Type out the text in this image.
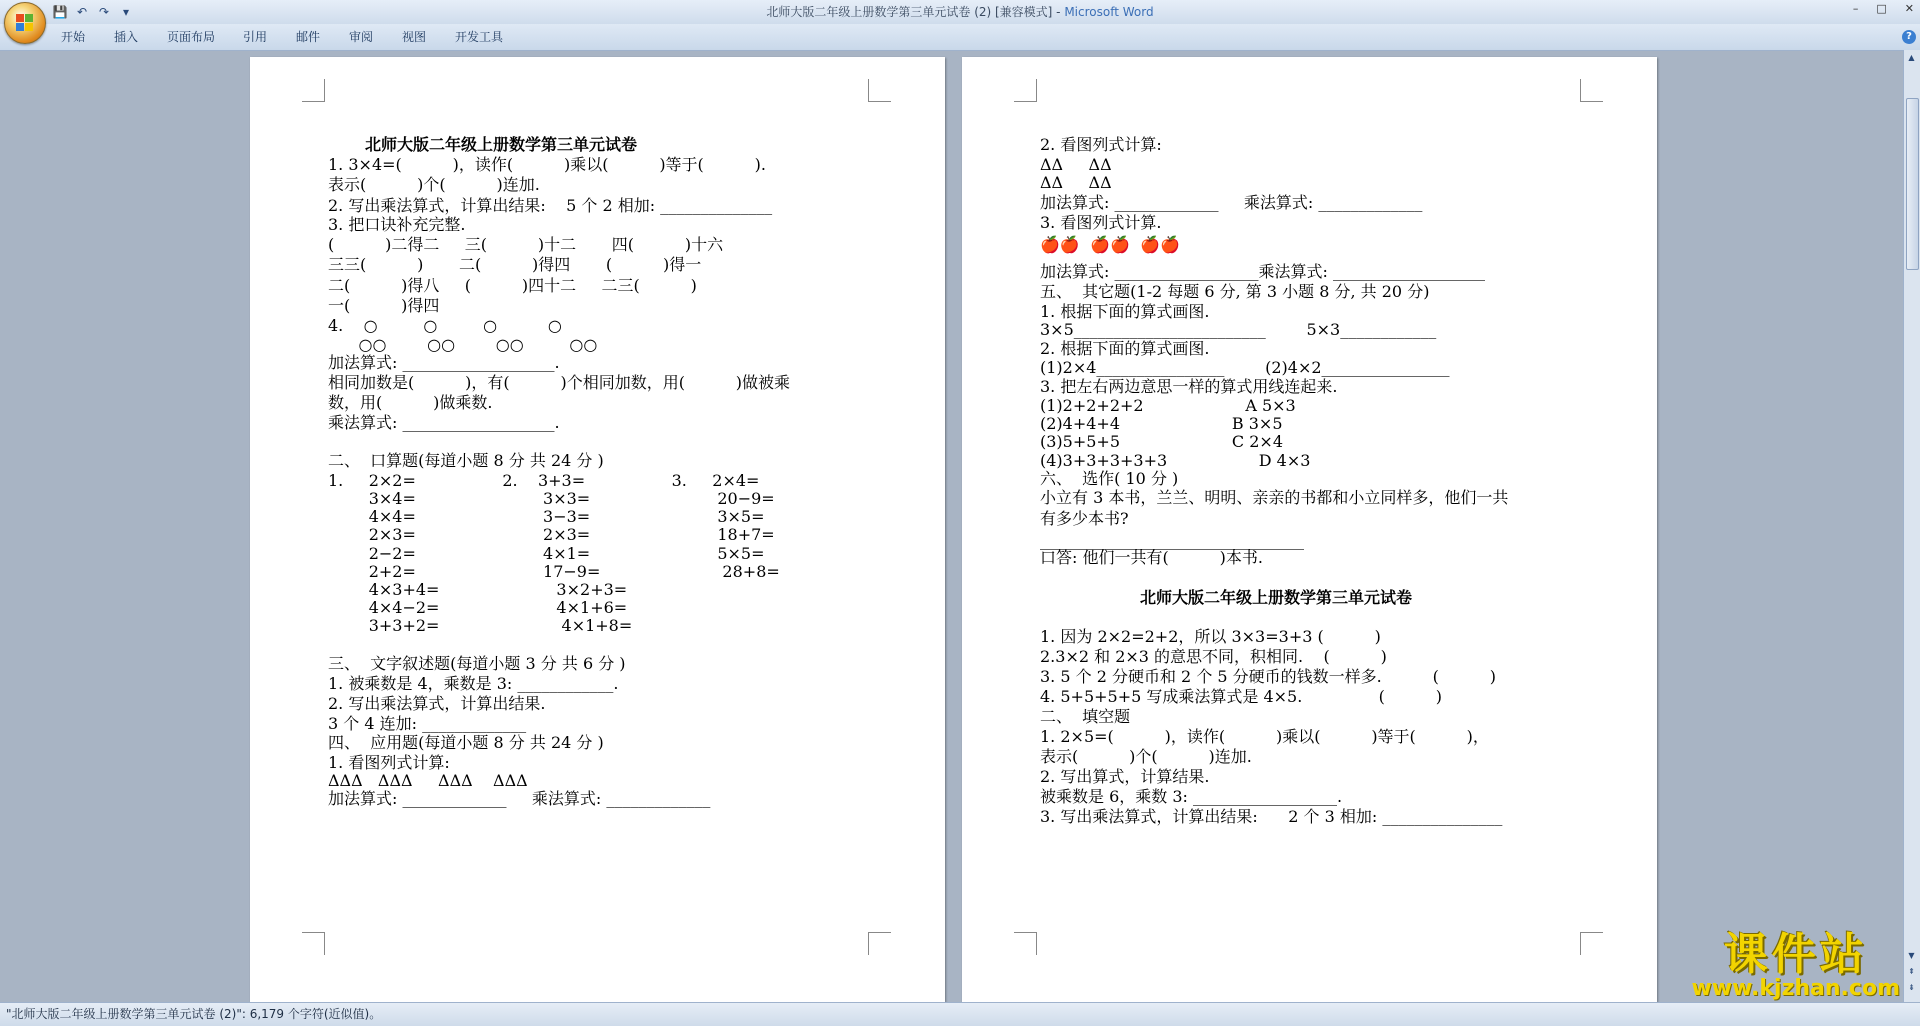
💾 ↶ ↷	▾	北师大版二年级上册数学第三单元试卷 (2) [兼容模式] - Microsoft Word	– □ ✕
开始 插入 页面布局 引用 邮件 审阅 视图 开发工具	?
▲
▼
⇞
⇟
北师大版二年级上册数学第三单元试卷
1. 3×4=(          )，读作(          )乘以(          )等于(          ).
表示(          )个(          )连加.
2. 写出乘法算式，计算出结果:    5 个 2 相加: ______________
3. 把口诀补充完整.
(          )二得二     三(          )十二       四(          )十六
三三(          )       二(          )得四       (          )得一
二(          )得八     (          )四十二     二三(          )
一(          )得四
4.    ○         ○         ○          ○
○○        ○○        ○○         ○○
加法算式: ___________________.
相同加数是(          )，有(          )个相同加数，用(          )做被乘
数，用(          )做乘数.
乘法算式: ___________________.
二、  口算题(每道小题 8 分 共 24 分 )
1.     2×2=                 2.    3+3=                 3.     2×4=
3×4=                         3×3=                         20−9=
4×4=                         3−3=                         3×5=
2×3=                         2×3=                         18+7=
2−2=                         4×1=                         5×5=
2+2=                         17−9=                        28+8=
4×3+4=                       3×2+3=
4×4−2=                       4×1+6=
3+3+2=                        4×1+8=
三、  文字叙述题(每道小题 3 分 共 6 分 )
1. 被乘数是 4，乘数是 3: ____________.
2. 写出乘法算式，计算出结果.
3 个 4 连加: _____________
四、  应用题(每道小题 8 分 共 24 分 )
1. 看图列式计算:
ΔΔΔ   ΔΔΔ     ΔΔΔ    ΔΔΔ
加法算式: _____________     乘法算式: _____________
2. 看图列式计算:
ΔΔ     ΔΔ
ΔΔ     ΔΔ
加法算式: _____________     乘法算式: _____________
3. 看图列式计算.
🍎🍎  🍎🍎  🍎🍎
加法算式: __________________乘法算式: ___________________
五、  其它题(1-2 每题 6 分, 第 3 小题 8 分, 共 20 分)
1. 根据下面的算式画图.
3×5________________________        5×3____________
2. 根据下面的算式画图.
(1)2×4________________        (2)4×2________________
3. 把左右两边意思一样的算式用线连起来.
(1)2+2+2+2                    A 5×3
(2)4+4+4                      B 3×5
(3)5+5+5                      C 2×4
(4)3+3+3+3+3                  D 4×3
六、  选作( 10 分 )
小立有 3 本书，兰兰、明明、亲亲的书都和小立同样多，他们一共
有多少本书?
_________________________________
口答: 他们一共有(          )本书.
北师大版二年级上册数学第三单元试卷
1. 因为 2×2=2+2，所以 3×3=3+3 (          )
2.3×2 和 2×3 的意思不同，积相同.    (          )
3. 5 个 2 分硬币和 2 个 5 分硬币的钱数一样多.          (          )
4. 5+5+5+5 写成乘法算式是 4×5.               (          )
二、  填空题
1. 2×5=(          )，读作(          )乘以(          )等于(          )，
表示(          )个(          )连加.
2. 写出算式，计算结果.
被乘数是 6，乘数 3: __________________.
3. 写出乘法算式，计算出结果:      2 个 3 相加: _______________
"北师大版二年级上册数学第三单元试卷 (2)": 6,179 个字符(近似值)。
课件站
www.kjzhan.com
